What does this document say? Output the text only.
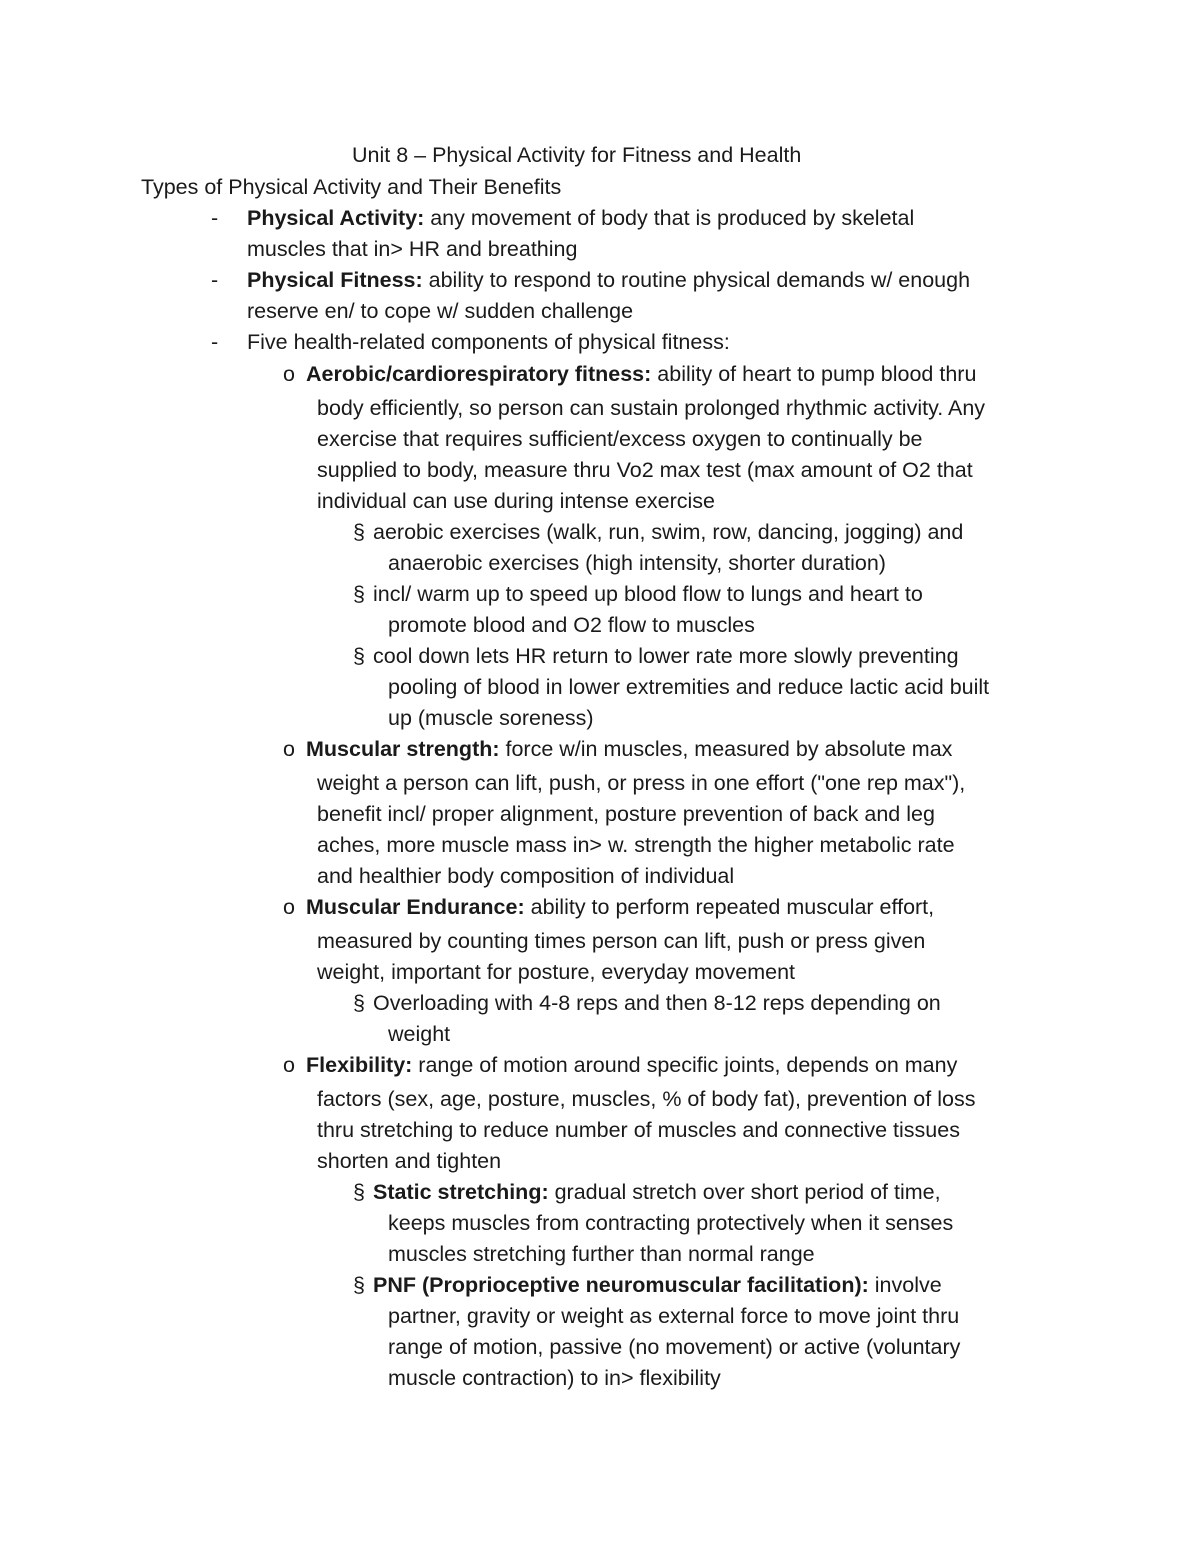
Unit 8 – Physical Activity for Fitness and Health
Types of Physical Activity and Their Benefits
- Physical Activity: any movement of body that is produced by skeletal
muscles that in> HR and breathing
- Physical Fitness: ability to respond to routine physical demands w/ enough
reserve en/ to cope w/ sudden challenge
- Five health-related components of physical fitness:
o Aerobic/cardiorespiratory fitness: ability of heart to pump blood thru
body efficiently, so person can sustain prolonged rhythmic activity. Any
exercise that requires sufficient/excess oxygen to continually be
supplied to body, measure thru Vo2 max test (max amount of O2 that
individual can use during intense exercise
§ aerobic exercises (walk, run, swim, row, dancing, jogging) and
anaerobic exercises (high intensity, shorter duration)
§ incl/ warm up to speed up blood flow to lungs and heart to
promote blood and O2 flow to muscles
§ cool down lets HR return to lower rate more slowly preventing
pooling of blood in lower extremities and reduce lactic acid built
up (muscle soreness)
o Muscular strength: force w/in muscles, measured by absolute max
weight a person can lift, push, or press in one effort ("one rep max"),
benefit incl/ proper alignment, posture prevention of back and leg
aches, more muscle mass in> w. strength the higher metabolic rate
and healthier body composition of individual
o Muscular Endurance: ability to perform repeated muscular effort,
measured by counting times person can lift, push or press given
weight, important for posture, everyday movement
§ Overloading with 4-8 reps and then 8-12 reps depending on
weight
o Flexibility: range of motion around specific joints, depends on many
factors (sex, age, posture, muscles, % of body fat), prevention of loss
thru stretching to reduce number of muscles and connective tissues
shorten and tighten
§ Static stretching: gradual stretch over short period of time,
keeps muscles from contracting protectively when it senses
muscles stretching further than normal range
§ PNF (Proprioceptive neuromuscular facilitation): involve
partner, gravity or weight as external force to move joint thru
range of motion, passive (no movement) or active (voluntary
muscle contraction) to in> flexibility
